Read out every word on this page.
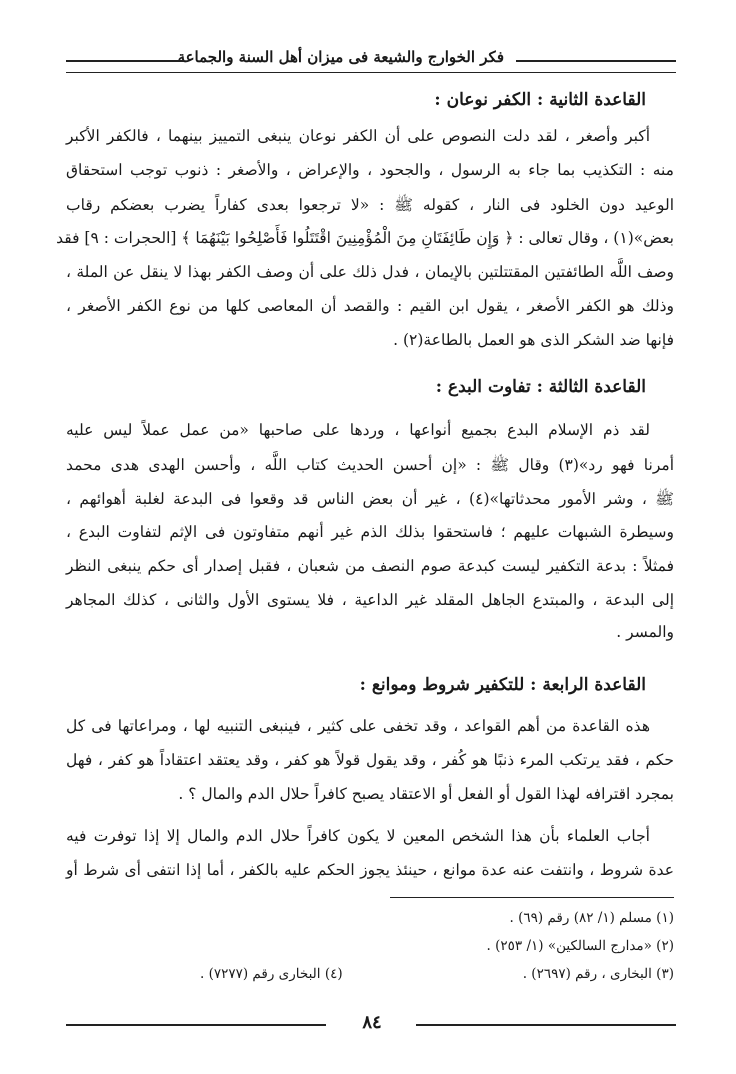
فكر الخوارج والشيعة فى ميزان أهل السنة والجماعة
القاعدة الثانية : الكفر نوعان :
أكبر وأصغر ، لقد دلت النصوص على أن الكفر نوعان ينبغى التمييز بينهما ، فالكفر الأكبر
منه : التكذيب بما جاء به الرسول ، والجحود ، والإعراض ، والأصغر : ذنوب توجب استحقاق
الوعيد دون الخلود فى النار ، كقوله ﷺ : «لا ترجعوا بعدى كفاراً يضرب بعضكم رقاب
بعض»(١) ، وقال تعالى : ﴿ وَإِن طَائِفَتَانِ مِنَ الْمُؤْمِنِينَ اقْتَتَلُوا فَأَصْلِحُوا بَيْنَهُمَا ﴾ [الحجرات : ٩] فقد
وصف اللَّه الطائفتين المقتتلتين بالإيمان ، فدل ذلك على أن وصف الكفر بهذا لا ينقل عن الملة ،
وذلك هو الكفر الأصغر ، يقول ابن القيم : والقصد أن المعاصى كلها من نوع الكفر الأصغر ،
فإنها ضد الشكر الذى هو العمل بالطاعة(٢) .
القاعدة الثالثة : تفاوت البدع :
لقد ذم الإسلام البدع بجميع أنواعها ، وردها على صاحبها «من عمل عملاً ليس عليه
أمرنا فهو رد»(٣) وقال ﷺ : «إن أحسن الحديث كتاب اللَّه ، وأحسن الهدى هدى محمد
ﷺ ، وشر الأمور محدثاتها»(٤) ، غير أن بعض الناس قد وقعوا فى البدعة لغلبة أهوائهم ،
وسيطرة الشبهات عليهم ؛ فاستحقوا بذلك الذم غير أنهم متفاوتون فى الإثم لتفاوت البدع ،
فمثلاً : بدعة التكفير ليست كبدعة صوم النصف من شعبان ، فقبل إصدار أى حكم ينبغى النظر
إلى البدعة ، والمبتدع الجاهل المقلد غير الداعية ، فلا يستوى الأول والثانى ، كذلك المجاهر
والمسر .
القاعدة الرابعة : للتكفير شروط وموانع :
هذه القاعدة من أهم القواعد ، وقد تخفى على كثير ، فينبغى التنبيه لها ، ومراعاتها فى كل
حكم ، فقد يرتكب المرء ذنبًا هو كُفر ، وقد يقول قولاً هو كفر ، وقد يعتقد اعتقاداً هو كفر ، فهل
بمجرد اقترافه لهذا القول أو الفعل أو الاعتقاد يصبح كافراً حلال الدم والمال ؟ .
أجاب العلماء بأن هذا الشخص المعين لا يكون كافراً حلال الدم والمال إلا إذا توفرت فيه
عدة شروط ، وانتفت عنه عدة موانع ، حينئذ يجوز الحكم عليه بالكفر ، أما إذا انتفى أى شرط أو
(١) مسلم (١/ ٨٢) رقم (٦٩) .
(٢) «مدارج السالكين» (١/ ٢٥٣) .
(٣) البخارى ، رقم (٢٦٩٧) .
(٤) البخارى رقم (٧٢٧٧) .
٨٤
